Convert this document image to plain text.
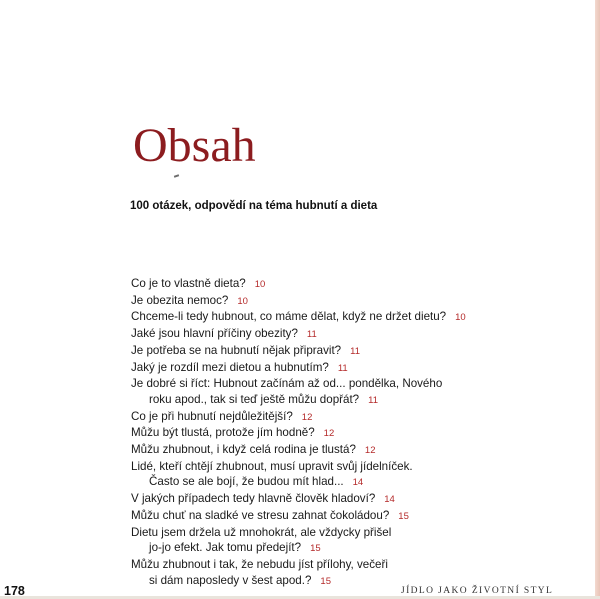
Obsah

100 otázek, odpovědí na téma hubnutí a dieta

Co je to vlastně dieta? 10
Je obezita nemoc? 10
Chceme-li tedy hubnout, co máme dělat, když ne držet dietu? 10
Jaké jsou hlavní příčiny obezity? 11
Je potřeba se na hubnutí nějak připravit? 11
Jaký je rozdíl mezi dietou a hubnutím? 11
Je dobré si říct: Hubnout začínám až od... pondělka, Nového
roku apod., tak si teď ještě můžu dopřát? 11
Co je při hubnutí nejdůležitější? 12
Můžu být tlustá, protože jím hodně? 12
Můžu zhubnout, i když celá rodina je tlustá? 12
Lidé, kteří chtějí zhubnout, musí upravit svůj jídelníček.
Často se ale bojí, že budou mít hlad... 14
V jakých případech tedy hlavně člověk hladoví? 14
Můžu chuť na sladké ve stresu zahnat čokoládou? 15
Dietu jsem držela už mnohokrát, ale vždycky přišel
jo-jo efekt. Jak tomu předejít? 15
Můžu zhubnout i tak, že nebudu jíst přílohy, večeři
si dám naposledy v šest apod.? 15
178	JÍDLO JAKO ŽIVOTNÍ STYL
